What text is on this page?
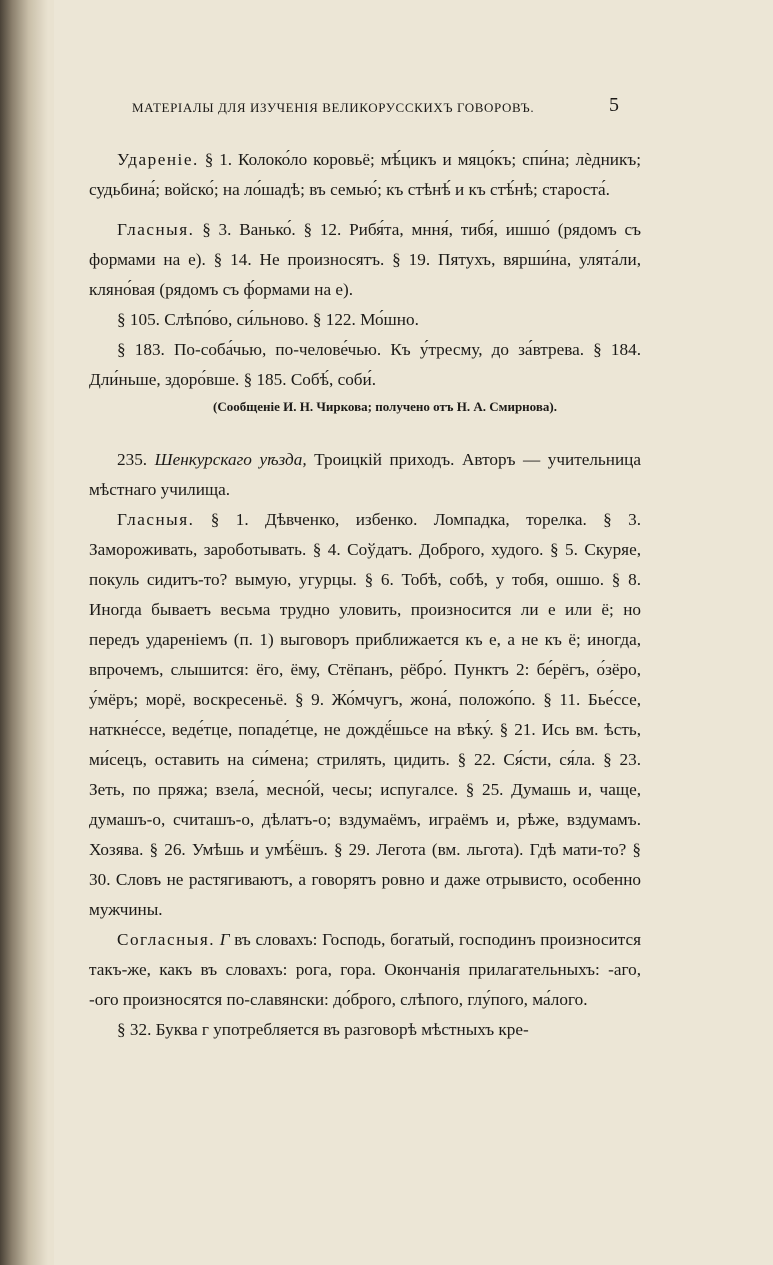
МАТЕРІАЛЫ ДЛЯ ИЗУЧЕНІЯ ВЕЛИКОРУССКИХЪ ГОВОРОВЪ.	5

Удареніе. § 1. Колоко́ло коровьё; мѣ́цикъ и мяцо́къ; спи́на; лѐдникъ; судьбина́; войско́; на ло́шадѣ; въ семью́; къ стѣнѣ́ и къ стѣ́нѣ; староста́.

Гласныя. § 3. Ванько́. § 12. Рибя́та, мння́, тибя́, ишшо́ (рядомъ съ формами на е). § 14. Не произносятъ. § 19. Пятухъ, вярши́на, улята́ли, кляно́вая (рядомъ съ ф́ормами на е).

§ 105. Слѣпо́во, си́льново. § 122. Мо́шно.

§ 183. По-соба́чью, по-челове́чью. Къ у́тресму, до за́втрева. § 184. Дли́ньше, здоро́вше. § 185. Собѣ́, соби́.

(Сообщеніе И. Н. Чиркова; получено отъ Н. А. Смирнова).

235. Шенкурскаго уѣзда, Троицкій приходъ. Авторъ — учительница мѣстнаго училища.

Гласныя. § 1. Дѣвченко, избенко. Ломпадка, торелка. § 3. Замороживать, зароботывать. § 4. Соўдатъ. Доброго, худого. § 5. Скуряе, покуль сидитъ-то? вымую, угурцы. § 6. Тобѣ, собѣ, у тобя, ошшо. § 8. Иногда бываетъ весьма трудно уловить, произносится ли е или ё; но передъ удареніемъ (п. 1) выговоръ приближается къ е, а не къ ё; иногда, впрочемъ, слышится: ёго, ёму, Стёпанъ, рёбро́. Пунктъ 2: бе́рёгъ, о́зёро, у́мёръ; морё, воскресеньё. § 9. Жо́мчугъ, жона́, положо́по. § 11. Бье́ссе, наткне́ссе, веде́тце, попаде́тце, не дождё́шьсе на вѣку́. § 21. Ись вм. ѣсть, ми́сецъ, оставить на си́мена; стрилять, цидить. § 22. Ся́сти, ся́ла. § 23. Зеть, по пряжа; взела́, месно́й, чесы; испугалсе. § 25. Думашь и, чаще, думашъ-о, считашъ-о, дѣлатъ-о; вздумаёмъ, играёмъ и, рѣже, вздумамъ. Хозява. § 26. Умѣшь и умѣ́ёшъ. § 29. Легота (вм. льгота). Гдѣ мати-то? § 30. Словъ не растягиваютъ, а говорятъ ровно и даже отрывисто, особенно мужчины.

Согласныя. Г въ словахъ: Господь, богатый, господинъ произносится такъ-же, какъ въ словахъ: рога, гора. Окончанія прилагательныхъ: -аго, -ого произносятся по-славянски: до́брого, слѣпого, глу́пого, ма́лого.

§ 32. Буква г употребляется въ разговорѣ мѣстныхъ кре-
